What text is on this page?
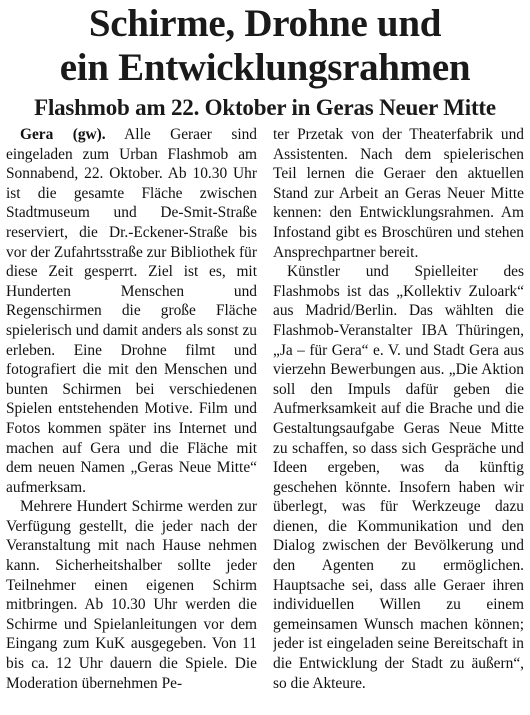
Schirme, Drohne und
ein Entwicklungsrahmen
Flashmob am 22. Oktober in Geras Neuer Mitte

Gera (gw). Alle Geraer sind eingeladen zum Urban Flashmob am Sonnabend, 22. Oktober. Ab 10.30 Uhr ist die gesamte Fläche zwischen Stadtmuseum und De-Smit-Straße reserviert, die Dr.-Eckener-Straße bis vor der Zufahrtsstraße zur Bibliothek für diese Zeit gesperrt. Ziel ist es, mit Hunderten Menschen und Regenschirmen die große Fläche spielerisch und damit anders als sonst zu erleben. Eine Drohne filmt und fotografiert die mit den Menschen und bunten Schirmen bei verschiedenen Spielen entstehenden Motive. Film und Fotos kommen später ins Internet und machen auf Gera und die Fläche mit dem neuen Namen „Geras Neue Mitte“ aufmerksam.

Mehrere Hundert Schirme werden zur Verfügung gestellt, die jeder nach der Veranstaltung mit nach Hause nehmen kann. Sicherheitshalber sollte jeder Teilnehmer einen eigenen Schirm mitbringen. Ab 10.30 Uhr werden die Schirme und Spielanleitungen vor dem Eingang zum KuK ausgegeben. Von 11 bis ca. 12 Uhr dauern die Spiele. Die Moderation übernehmen Pe-

ter Przetak von der Theaterfabrik und Assistenten. Nach dem spielerischen Teil lernen die Geraer den aktuellen Stand zur Arbeit an Geras Neuer Mitte kennen: den Entwicklungsrahmen. Am Infostand gibt es Broschüren und stehen Ansprechpartner bereit.

Künstler und Spielleiter des Flashmobs ist das „Kollektiv Zuloark“ aus Madrid/Berlin. Das wählten die Flashmob-Veranstalter IBA Thüringen, „Ja – für Gera“ e. V. und Stadt Gera aus vierzehn Bewerbungen aus. „Die Aktion soll den Impuls dafür geben die Aufmerksamkeit auf die Brache und die Gestaltungsaufgabe Geras Neue Mitte zu schaffen, so dass sich Gespräche und Ideen ergeben, was da künftig geschehen könnte. Insofern haben wir überlegt, was für Werkzeuge dazu dienen, die Kommunikation und den Dialog zwischen der Bevölkerung und den Agenten zu ermöglichen. Hauptsache sei, dass alle Geraer ihren individuellen Willen zu einem gemeinsamen Wunsch machen können; jeder ist eingeladen seine Bereitschaft in die Entwicklung der Stadt zu äußern“, so die Akteure.
